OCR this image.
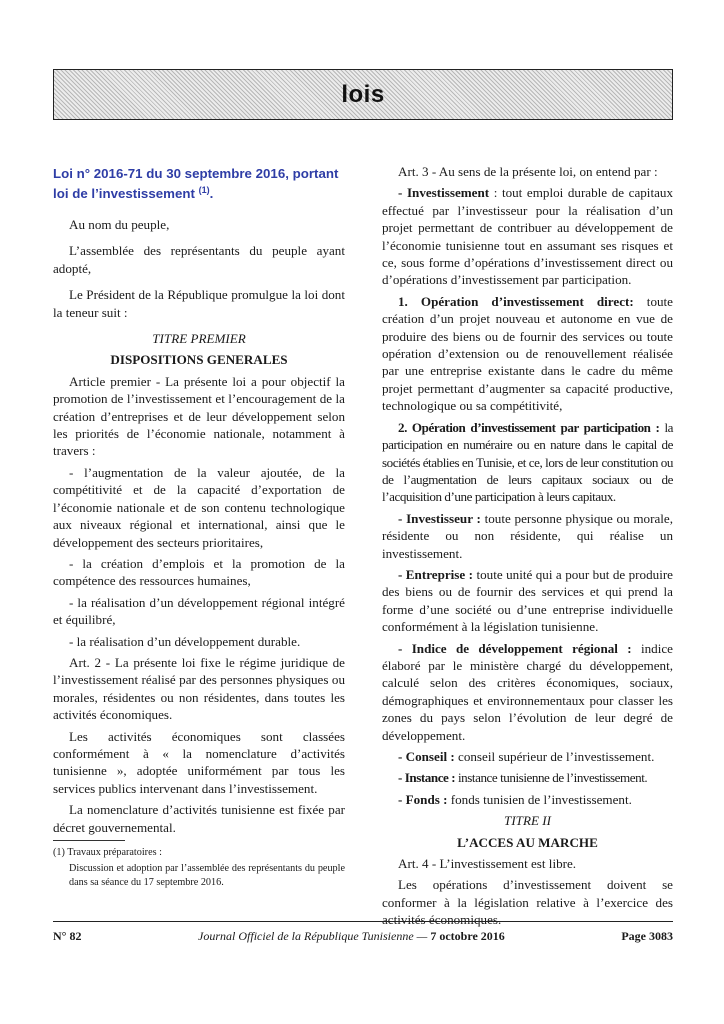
lois
Loi n° 2016-71 du 30 septembre 2016, portant loi de l’investissement $^{(1)}$.

Au nom du peuple,

L’assemblée des représentants du peuple ayant adopté,

Le Président de la République promulgue la loi dont la teneur suit :

TITRE PREMIER

DISPOSITIONS GENERALES

Article premier - La présente loi a pour objectif la promotion de l’investissement et l’encouragement de la création d’entreprises et de leur développement selon les priorités de l’économie nationale, notamment à travers :

- l’augmentation de la valeur ajoutée, de la compétitivité et de la capacité d’exportation de l’économie nationale et de son contenu technologique aux niveaux régional et international, ainsi que le développement des secteurs prioritaires,

- la création d’emplois et la promotion de la compétence des ressources humaines,

- la réalisation d’un développement régional intégré et équilibré,

- la réalisation d’un développement durable.

Art. 2 - La présente loi fixe le régime juridique de l’investissement réalisé par des personnes physiques ou morales, résidentes ou non résidentes, dans toutes les activités économiques.

Les activités économiques sont classées conformément à « la nomenclature d’activités tunisienne », adoptée uniformément par tous les services publics intervenant dans l’investissement.

La nomenclature d’activités tunisienne est fixée par décret gouvernemental.

(1) Travaux préparatoires :
Discussion et adoption par l’assemblée des représentants du peuple dans sa séance du 17 septembre 2016.

Art. 3 - Au sens de la présente loi, on entend par :

- Investissement : tout emploi durable de capitaux effectué par l’investisseur pour la réalisation d’un projet permettant de contribuer au développement de l’économie tunisienne tout en assumant ses risques et ce, sous forme d’opérations d’investissement direct ou d’opérations d’investissement par participation.

1. Opération d’investissement direct: toute création d’un projet nouveau et autonome en vue de produire des biens ou de fournir des services ou toute opération d’extension ou de renouvellement réalisée par une entreprise existante dans le cadre du même projet permettant d’augmenter sa capacité productive, technologique ou sa compétitivité,

2. Opération d’investissement par participation : la participation en numéraire ou en nature dans le capital de sociétés établies en Tunisie, et ce, lors de leur constitution ou de l’augmentation de leurs capitaux sociaux ou de l’acquisition d’une participation à leurs capitaux.

- Investisseur : toute personne physique ou morale, résidente ou non résidente, qui réalise un investissement.

- Entreprise : toute unité qui a pour but de produire des biens ou de fournir des services et qui prend la forme d’une société ou d’une entreprise individuelle conformément à la législation tunisienne.

- Indice de développement régional : indice élaboré par le ministère chargé du développement, calculé selon des critères économiques, sociaux, démographiques et environnementaux pour classer les zones du pays selon l’évolution de leur degré de développement.

- Conseil : conseil supérieur de l’investissement.

- Instance : instance tunisienne de l’investissement.

- Fonds : fonds tunisien de l’investissement.

TITRE II

L’ACCES AU MARCHE

Art. 4 - L’investissement est libre.

Les opérations d’investissement doivent se conformer à la législation relative à l’exercice des activités économiques.

N° 82	Journal Officiel de la République Tunisienne — 7 octobre 2016	Page 3083
